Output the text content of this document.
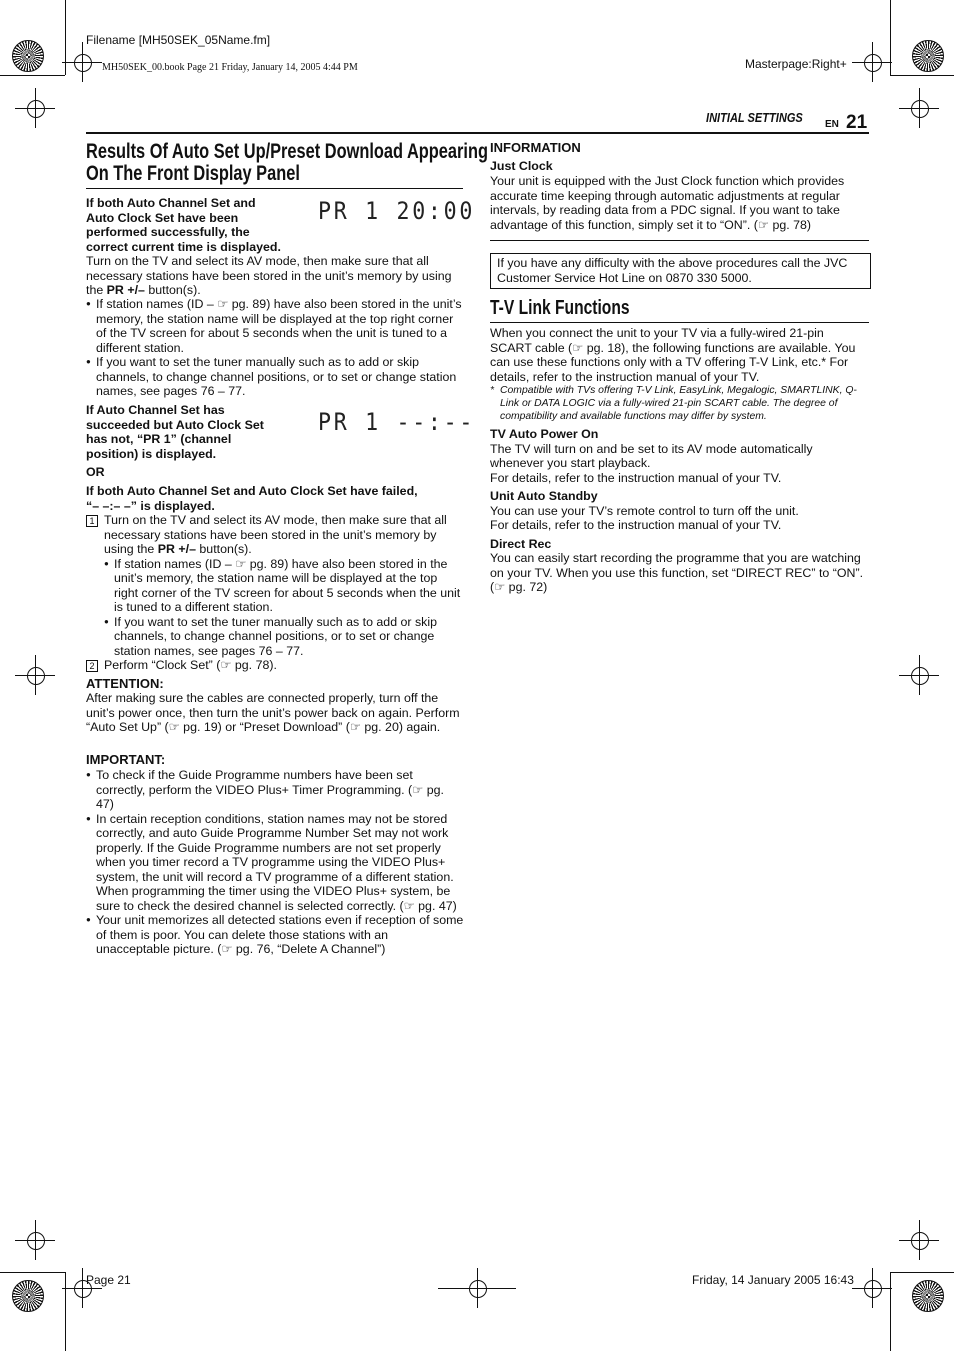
Filename [MH50SEK_05Name.fm]
MH50SEK_00.book Page 21 Friday, January 14, 2005 4:44 PM	Masterpage:Right+
INITIAL SETTINGS EN 21
Results Of Auto Set Up/Preset Download Appearing
On The Front Display Panel
If both Auto Channel Set and
Auto Clock Set have been
performed successfully, the
correct current time is displayed.
PR 1 20:00
Turn on the TV and select its AV mode, then make sure that all necessary stations have been stored in the unit’s memory by using the PR +/– button(s).
● If station names (ID – ☞ pg. 89) have also been stored in the unit’s memory, the station name will be displayed at the top right corner of the TV screen for about 5 seconds when the unit is tuned to a different station.
● If you want to set the tuner manually such as to add or skip channels, to change channel positions, or to set or change station names, see pages 76 – 77.
If Auto Channel Set has
succeeded but Auto Clock Set
has not, “PR 1” (channel
position) is displayed.
PR 1 --:--
OR
If both Auto Channel Set and Auto Clock Set have failed,
“– –:– –” is displayed.
1 Turn on the TV and select its AV mode, then make sure that all necessary stations have been stored in the unit’s memory by using the PR +/– button(s).
● If station names (ID – ☞ pg. 89) have also been stored in the unit’s memory, the station name will be displayed at the top right corner of the TV screen for about 5 seconds when the unit is tuned to a different station.
● If you want to set the tuner manually such as to add or skip channels, to change channel positions, or to set or change station names, see pages 76 – 77.
2 Perform “Clock Set” (☞ pg. 78).
ATTENTION:
After making sure the cables are connected properly, turn off the unit’s power once, then turn the unit’s power back on again. Perform “Auto Set Up” (☞ pg. 19) or “Preset Download” (☞ pg. 20) again.
IMPORTANT:
● To check if the Guide Programme numbers have been set correctly, perform the VIDEO Plus+ Timer Programming. (☞ pg. 47)
● In certain reception conditions, station names may not be stored correctly, and auto Guide Programme Number Set may not work properly. If the Guide Programme numbers are not set properly when you timer record a TV programme using the VIDEO Plus+ system, the unit will record a TV programme of a different station. When programming the timer using the VIDEO Plus+ system, be sure to check the desired channel is selected correctly. (☞ pg. 47)
● Your unit memorizes all detected stations even if reception of some of them is poor. You can delete those stations with an unacceptable picture. (☞ pg. 76, “Delete A Channel”)
INFORMATION
Just Clock
Your unit is equipped with the Just Clock function which provides accurate time keeping through automatic adjustments at regular intervals, by reading data from a PDC signal. If you want to take advantage of this function, simply set it to “ON”. (☞ pg. 78)
If you have any difficulty with the above procedures call the JVC Customer Service Hot Line on 0870 330 5000.
T-V Link Functions
When you connect the unit to your TV via a fully-wired 21-pin SCART cable (☞ pg. 18), the following functions are available. You can use these functions only with a TV offering T-V Link, etc.* For details, refer to the instruction manual of your TV.
* Compatible with TVs offering T-V Link, EasyLink, Megalogic, SMARTLINK, Q-Link or DATA LOGIC via a fully-wired 21-pin SCART cable. The degree of compatibility and available functions may differ by system.
TV Auto Power On
The TV will turn on and be set to its AV mode automatically whenever you start playback.
For details, refer to the instruction manual of your TV.
Unit Auto Standby
You can use your TV’s remote control to turn off the unit.
For details, refer to the instruction manual of your TV.
Direct Rec
You can easily start recording the programme that you are watching on your TV. When you use this function, set “DIRECT REC” to “ON”. (☞ pg. 72)
Page 21	Friday, 14 January 2005 16:43
